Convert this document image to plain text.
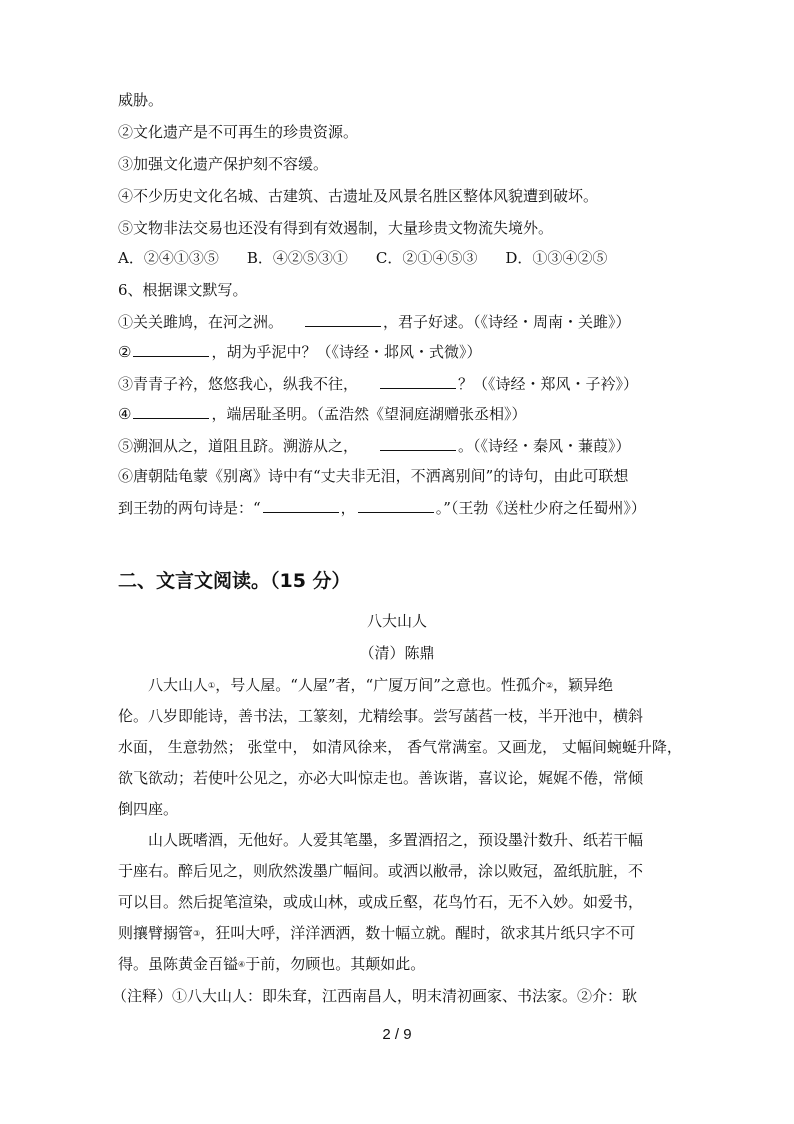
威胁。
②文化遗产是不可再生的珍贵资源。
③加强文化遗产保护刻不容缓。
④不少历史文化名城、古建筑、古遗址及风景名胜区整体风貌遭到破坏。
⑤文物非法交易也还没有得到有效遏制，大量珍贵文物流失境外。
A．②④①③⑤ B．④②⑤③① C．②①④⑤③ D．①③④②⑤
6、根据课文默写。
①关关雎鸠，在河之洲。	，君子好逑。（《诗经・周南・关雎》）
②	，胡为乎泥中？（《诗经・邶风・式微》）
③青青子衿，悠悠我心，纵我不往，	？（《诗经・郑风・子衿》）
④	，端居耻圣明。（孟浩然《望洞庭湖赠张丞相》）
⑤溯洄从之，道阻且跻。溯游从之，	。（《诗经・秦风・蒹葭》）
⑥唐朝陆龟蒙《别离》诗中有“丈夫非无泪，不洒离别间”的诗句，由此可联想
到王勃的两句诗是：“	，	。”（王勃《送杜少府之任蜀州》）
二、文言文阅读。（15 分）
八大山人
（清）陈鼎
八大山人①，号人屋。“人屋”者，“广厦万间”之意也。性孤介②，颖异绝
伦。八岁即能诗，善书法，工篆刻，尤精绘事。尝写菡萏一枝，半开池中，横斜
水面， 生意勃然； 张堂中， 如清风徐来， 香气常满室。又画龙， 丈幅间蜿蜒升降，
欲飞欲动；若使叶公见之，亦必大叫惊走也。善诙谐，喜议论，娓娓不倦，常倾
倒四座。
山人既嗜酒，无他好。人爱其笔墨，多置酒招之，预设墨汁数升、纸若干幅
于座右。醉后见之，则欣然泼墨广幅间。或洒以敝帚，涂以败冠，盈纸肮脏，不
可以目。然后捉笔渲染，或成山林，或成丘壑，花鸟竹石，无不入妙。如爱书，
则攘臂搦管③，狂叫大呼，洋洋洒洒，数十幅立就。醒时，欲求其片纸只字不可
得。虽陈黄金百镒④于前，勿顾也。其颠如此。
（注释）①八大山人：即朱耷，江西南昌人，明末清初画家、书法家。②介：耿
2 / 9
